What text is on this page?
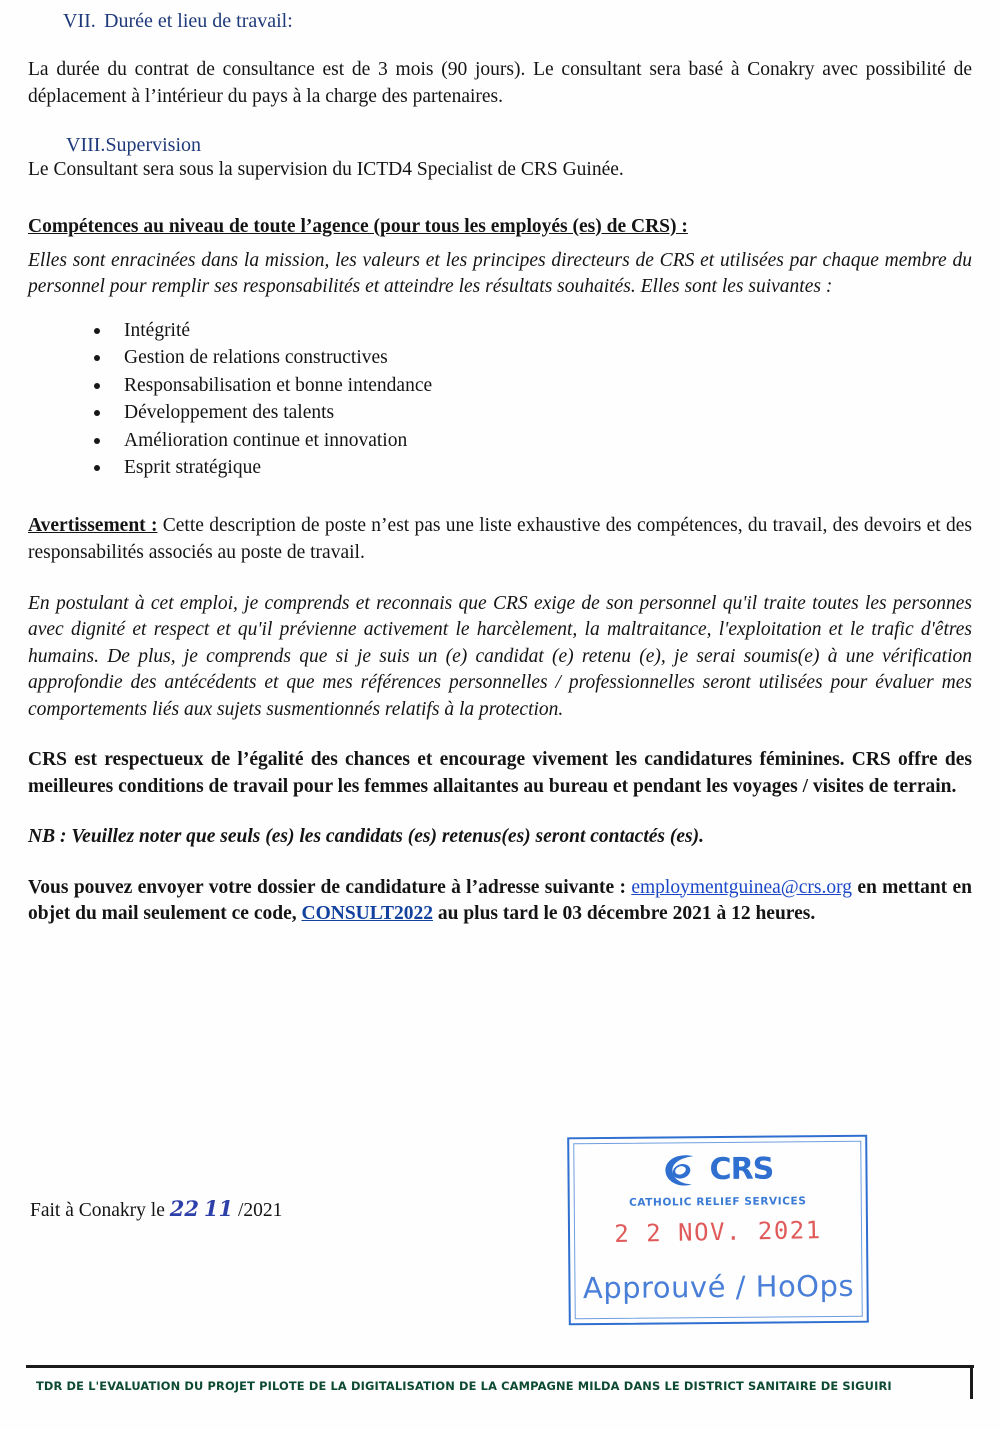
VII. Durée et lieu de travail:

La durée du contrat de consultance est de 3 mois (90 jours). Le consultant sera basé à Conakry avec possibilité de déplacement à l’intérieur du pays à la charge des partenaires.

VIII. Supervision

Le Consultant sera sous la supervision du ICTD4 Specialist de CRS Guinée.

Compétences au niveau de toute l’agence (pour tous les employés (es) de CRS) :

Elles sont enracinées dans la mission, les valeurs et les principes directeurs de CRS et utilisées par chaque membre du personnel pour remplir ses responsabilités et atteindre les résultats souhaités. Elles sont les suivantes :

Intégrité
Gestion de relations constructives
Responsabilisation et bonne intendance
Développement des talents
Amélioration continue et innovation
Esprit stratégique

Avertissement : Cette description de poste n’est pas une liste exhaustive des compétences, du travail, des devoirs et des responsabilités associés au poste de travail.

En postulant à cet emploi, je comprends et reconnais que CRS exige de son personnel qu'il traite toutes les personnes avec dignité et respect et qu'il prévienne activement le harcèlement, la maltraitance, l'exploitation et le trafic d'êtres humains. De plus, je comprends que si je suis un (e) candidat (e) retenu (e), je serai soumis(e) à une vérification approfondie des antécédents et que mes références personnelles / professionnelles seront utilisées pour évaluer mes comportements liés aux sujets susmentionnés relatifs à la protection.

CRS est respectueux de l’égalité des chances et encourage vivement les candidatures féminines. CRS offre des meilleures conditions de travail pour les femmes allaitantes au bureau et pendant les voyages / visites de terrain.

NB : Veuillez noter que seuls (es) les candidats (es) retenus(es) seront contactés (es).

Vous pouvez envoyer votre dossier de candidature à l’adresse suivante : employmentguinea@crs.org en mettant en objet du mail seulement ce code, CONSULT2022 au plus tard le 03 décembre 2021 à 12 heures.

Fait à Conakry le 22 11 /2021
CRS
CATHOLIC RELIEF SERVICES
2 2 NOV. 2021
Approuvé / HoOps
TDR DE L'EVALUATION DU PROJET PILOTE DE LA DIGITALISATION DE LA CAMPAGNE MILDA DANS LE DISTRICT SANITAIRE DE SIGUIRI
